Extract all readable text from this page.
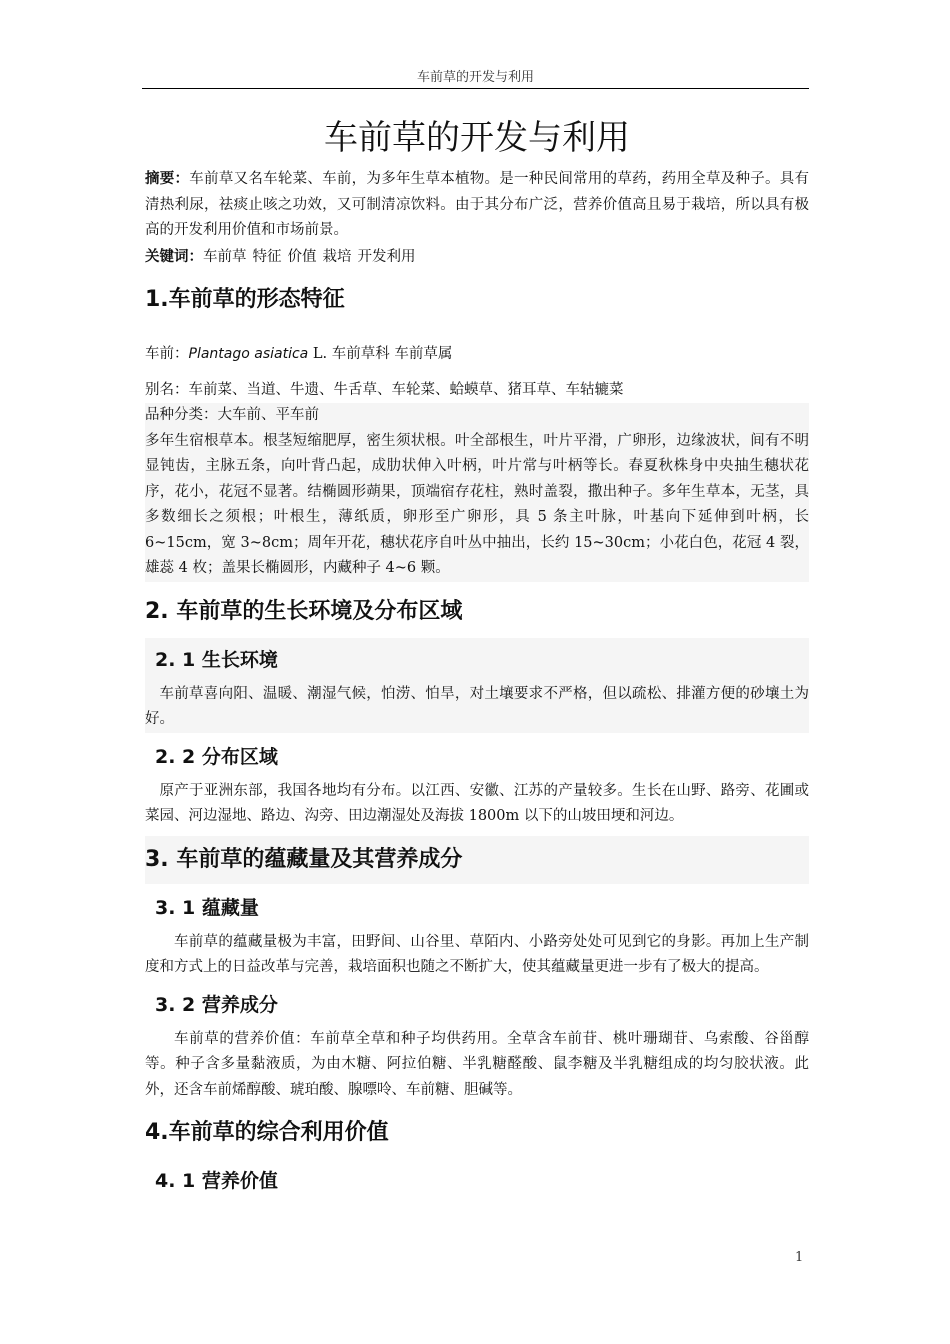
车前草的开发与利用
车前草的开发与利用

摘要：车前草又名车轮菜、车前，为多年生草本植物。是一种民间常用的草药，药用全草及种子。具有清热利尿，祛痰止咳之功效，又可制清凉饮料。由于其分布广泛，营养价值高且易于栽培，所以具有极高的开发利用价值和市场前景。

关键词：车前草 特征 价值 栽培 开发利用

1.车前草的形态特征

车前：Plantago asiatica L. 车前草科 车前草属

别名：车前菜、当道、牛遗、牛舌草、车轮菜、蛤蟆草、猪耳草、车轱辘菜

品种分类：大车前、平车前

多年生宿根草本。根茎短缩肥厚，密生须状根。叶全部根生，叶片平滑，广卵形，边缘波状，间有不明显钝齿，主脉五条，向叶背凸起，成肋状伸入叶柄，叶片常与叶柄等长。春夏秋株身中央抽生穗状花序，花小，花冠不显著。结椭圆形蒴果，顶端宿存花柱，熟时盖裂，撒出种子。多年生草本，无茎，具多数细长之须根；叶根生，薄纸质，卵形至广卵形，具 5 条主叶脉，叶基向下延伸到叶柄，长 6~15cm，宽 3~8cm；周年开花，穗状花序自叶丛中抽出，长约 15~30cm；小花白色，花冠 4 裂，雄蕊 4 枚；盖果长椭圆形，内藏种子 4~6 颗。

2. 车前草的生长环境及分布区域
2. 1 生长环境

车前草喜向阳、温暖、潮湿气候，怕涝、怕旱，对土壤要求不严格，但以疏松、排灌方便的砂壤土为好。

2. 2 分布区域

原产于亚洲东部，我国各地均有分布。以江西、安徽、江苏的产量较多。生长在山野、路旁、花圃或菜园、河边湿地、路边、沟旁、田边潮湿处及海拔 1800m 以下的山坡田埂和河边。

3. 车前草的蕴藏量及其营养成分
3. 1 蕴藏量

车前草的蕴藏量极为丰富，田野间、山谷里、草陌内、小路旁处处可见到它的身影。再加上生产制度和方式上的日益改革与完善，栽培面积也随之不断扩大，使其蕴藏量更进一步有了极大的提高。

3. 2 营养成分

车前草的营养价值：车前草全草和种子均供药用。全草含车前苷、桃叶珊瑚苷、乌索酸、谷甾醇等。种子含多量黏液质，为由木糖、阿拉伯糖、半乳糖醛酸、鼠李糖及半乳糖组成的均匀胶状液。此外，还含车前烯醇酸、琥珀酸、腺嘌呤、车前糖、胆碱等。

4.车前草的综合利用价值
4. 1 营养价值
1
